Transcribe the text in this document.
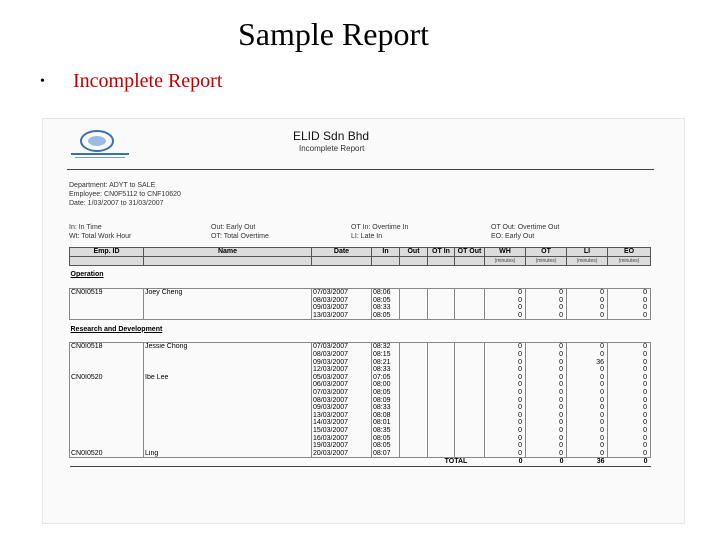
Sample Report
• Incomplete Report
ELID Sdn Bhd
Incomplete Report
Department: ADYT to SALE
Employee: CN0F5112 to CNF10620
Date: 1/03/2007 to 31/03/2007
In: In Time
Wt: Total Work Hour
Out: Early Out
OT: Total Overtime
OT In: Overtime In
LI: Late In
OT Out: Overtime Out
EO: Early Out
Emp. ID	Name	Date	In	Out	OT In	OT Out	WH	OT	LI	EO
							(minutes)	(minutes)	(minutes)	(minutes)
Operation										

CN0I0519	Joey Cheng	07/03/2007	08:06				0	0	0	0
		08/03/2007	08:05				0	0	0	0
		09/03/2007	08:33				0	0	0	0
		13/03/2007	08:05				0	0	0	0
Research and Development										

CN0I0518	Jessie Chong	07/03/2007	08:32				0	0	0	0
		08/03/2007	08:15				0	0	0	0
		09/03/2007	08:21				0	0	36	0
		12/03/2007	08:33				0	0	0	0
CN0I0520	Ibe Lee	05/03/2007	07:05				0	0	0	0
		06/03/2007	08:00				0	0	0	0
		07/03/2007	08:05				0	0	0	0
		08/03/2007	08:09				0	0	0	0
		09/03/2007	08:33				0	0	0	0
		13/03/2007	08:08				0	0	0	0
		14/03/2007	08:01				0	0	0	0
		15/03/2007	08:35				0	0	0	0
		16/03/2007	08:05				0	0	0	0
		19/03/2007	08:05				0	0	0	0
CN0I0520	Ling	20/03/2007	08:07				0	0	0	0
					TOTAL		0	0	36	0
